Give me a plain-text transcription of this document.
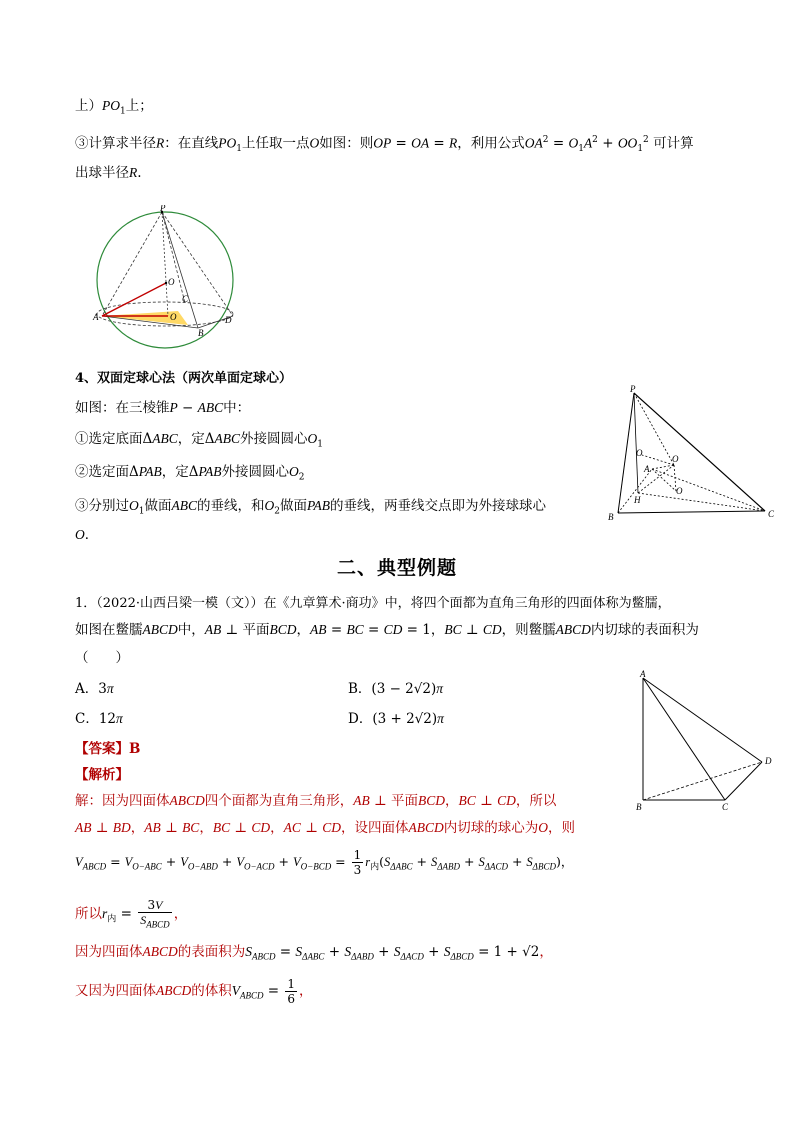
上）$PO_1$上；
③计算求半径R：在直线$PO_1$上任取一点O如图：则OP = OA = R，利用公式$OA^2 = O_1A^2 + OO_1^2$ 可计算
出球半径R.
P
O
C
O
A
B
D
4、双面定球心法（两次单面定球心）
如图：在三棱锥P − ABC中：
①选定底面ΔABC，定ΔABC外接圆圆心$O_1$
②选定面ΔPAB，定ΔPAB外接圆圆心$O_2$
③分别过$O_1$做面ABC的垂线，和$O_2$做面PAB的垂线，两垂线交点即为外接球球心
O．
P
O
A
O
O
H
B	C
二、典型例题
1．（2022·山西吕梁一模（文））在《九章算术·商功》中，将四个面都为直角三角形的四面体称为鳖臑，
如图在鳖臑ABCD中，AB ⊥ 平面BCD，AB = BC = CD = 1，BC ⊥ CD，则鳖臑ABCD内切球的表面积为
（　　）
A．3π	B．(3 − 2√2)π
C．12π	D．(3 + 2√2)π
A
B	C
D
【答案】B
【解析】
解：因为四面体ABCD四个面都为直角三角形，AB ⊥ 平面BCD，BC ⊥ CD，所以
AB ⊥ BD，AB ⊥ BC，BC ⊥ CD，AC ⊥ CD，设四面体ABCD内切球的球心为O，则
$V_{ABCD} = V_{O-ABC} + V_{O-ABD} + V_{O-ACD} + V_{O-BCD} = \frac{1}{3} r_内(S_{\Delta ABC} + S_{\Delta ABD} + S_{\Delta ACD} + S_{\Delta BCD})$，
所以$r_内 = \frac{3V}{S_{ABCD}}$ ，
因为四面体ABCD的表面积为$S_{ABCD} = S_{\Delta ABC} + S_{\Delta ABD} + S_{\Delta ACD} + S_{\Delta BCD} = 1 + √2$，
又因为四面体ABCD的体积$V_{ABCD} = \frac{1}{6}$ ，
